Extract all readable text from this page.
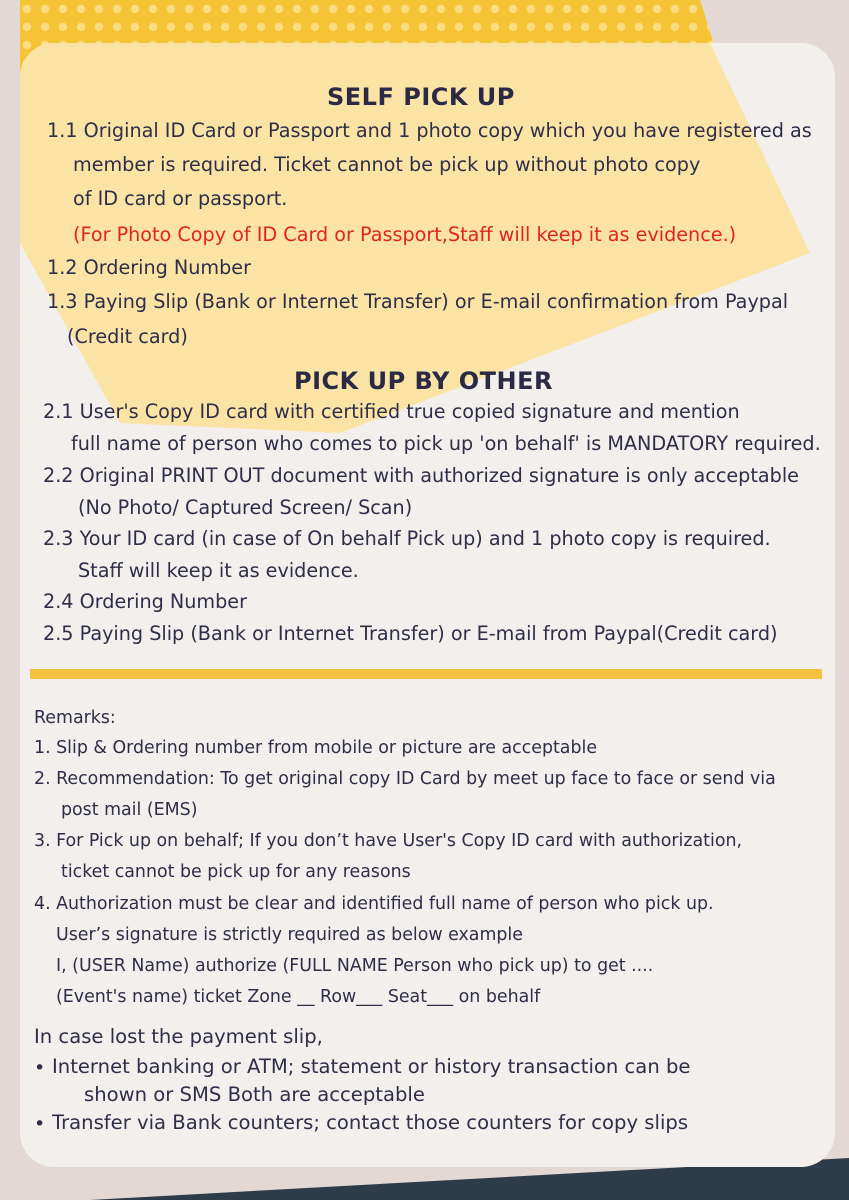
SELF PICK UP

1.1 Original ID Card or Passport and 1 photo copy which you have registered as

member is required. Ticket cannot be pick up without photo copy

of ID card or passport.

(For Photo Copy of ID Card or Passport,Staff will keep it as evidence.)

1.2 Ordering Number

1.3 Paying Slip (Bank or Internet Transfer) or E-mail confirmation from Paypal

(Credit card)

PICK UP BY OTHER

2.1 User's Copy ID card with certified true copied signature and mention

full name of person who comes to pick up 'on behalf' is MANDATORY required.

2.2 Original PRINT OUT document with authorized signature is only acceptable

(No Photo/ Captured Screen/ Scan)

2.3 Your ID card (in case of On behalf Pick up) and 1 photo copy is required.

Staff will keep it as evidence.

2.4 Ordering Number

2.5 Paying Slip (Bank or Internet Transfer) or E-mail from Paypal(Credit card)

Remarks:

1. Slip & Ordering number from mobile or picture are acceptable

2. Recommendation: To get original copy ID Card by meet up face to face or send via

post mail (EMS)

3. For Pick up on behalf; If you don’t have User's Copy ID card with authorization,

ticket cannot be pick up for any reasons

4. Authorization must be clear and identified full name of person who pick up.

User’s signature is strictly required as below example

I, (USER Name) authorize (FULL NAME Person who pick up) to get ....

(Event's name) ticket Zone __ Row___ Seat___ on behalf

In case lost the payment slip,

• Internet banking or ATM; statement or history transaction can be

shown or SMS Both are acceptable

• Transfer via Bank counters; contact those counters for copy slips
